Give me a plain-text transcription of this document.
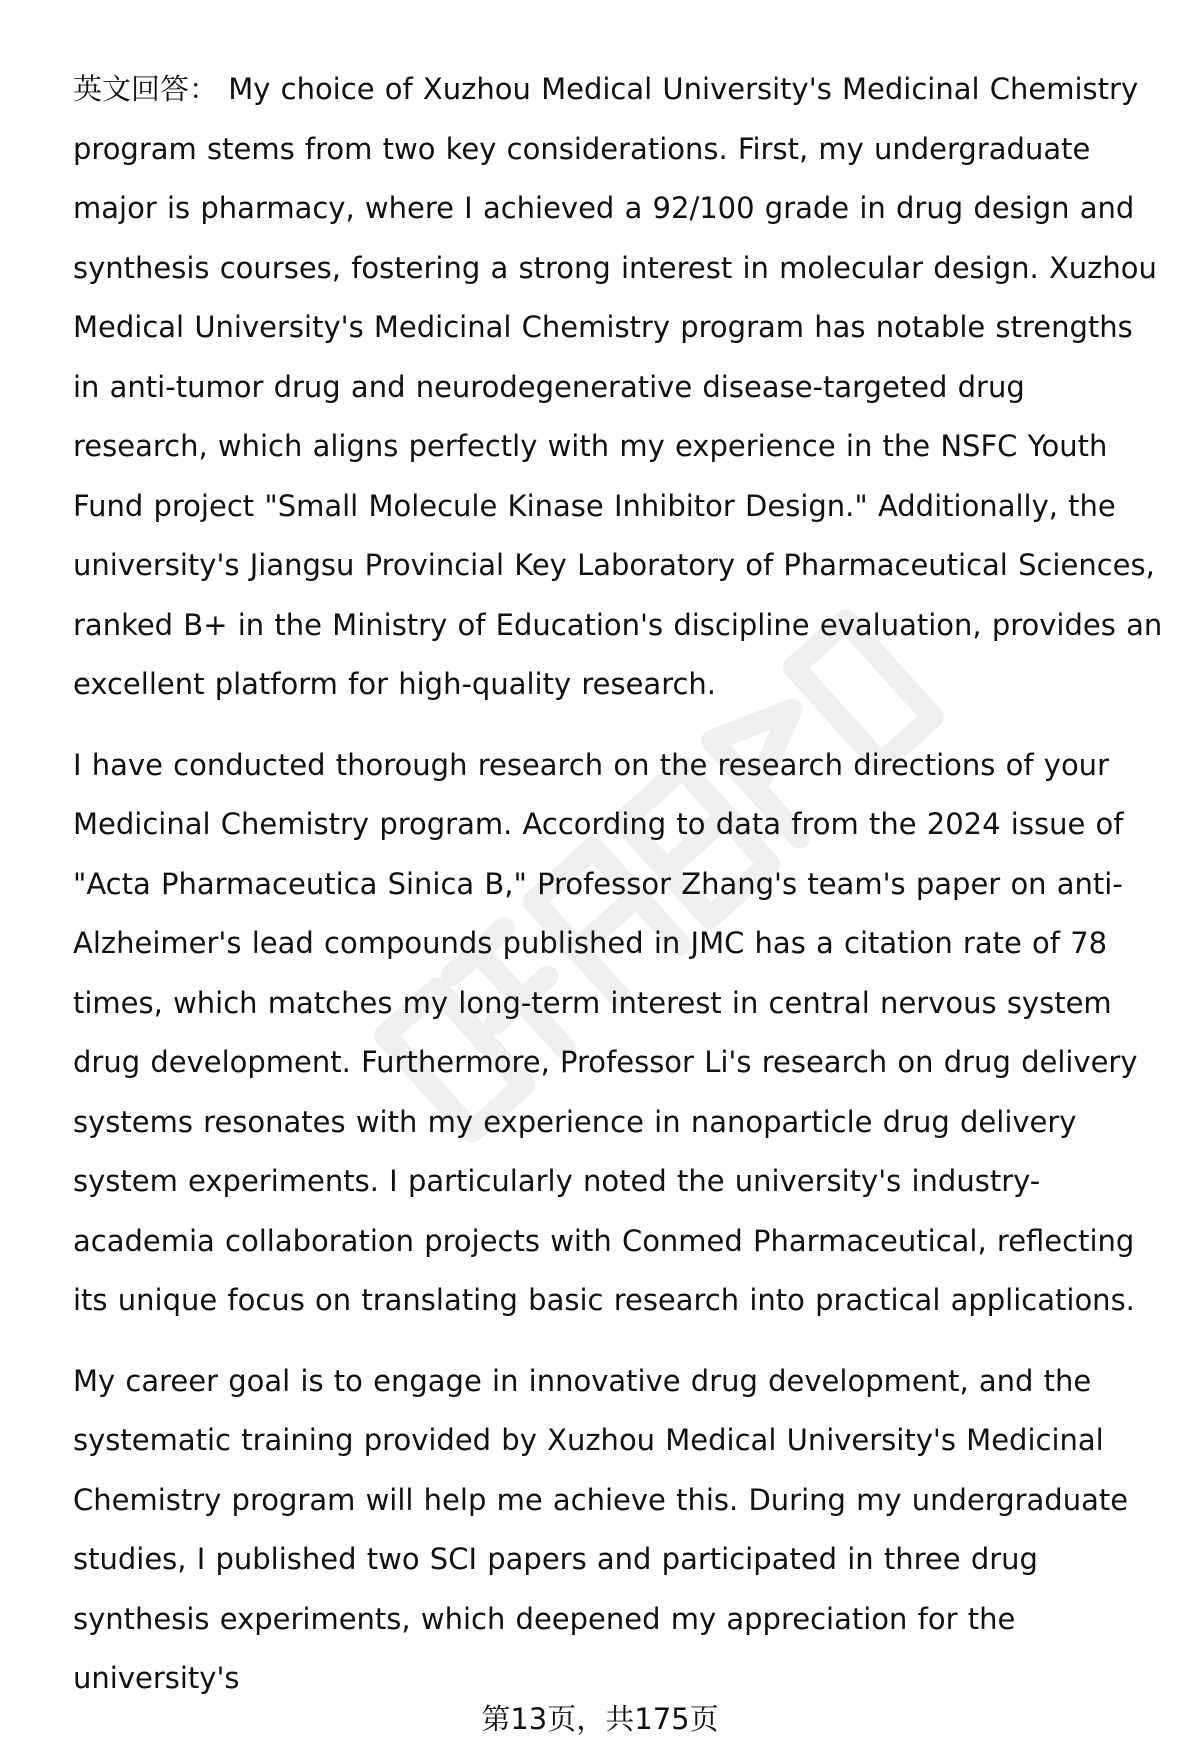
英文回答： My choice of Xuzhou Medical University's Medicinal Chemistry program stems from two key considerations. First, my undergraduate major is pharmacy, where I achieved a 92/100 grade in drug design and synthesis courses, fostering a strong interest in molecular design. Xuzhou Medical University's Medicinal Chemistry program has notable strengths in anti-tumor drug and neurodegenerative disease-targeted drug research, which aligns perfectly with my experience in the NSFC Youth Fund project "Small Molecule Kinase Inhibitor Design." Additionally, the university's Jiangsu Provincial Key Laboratory of Pharmaceutical Sciences, ranked B+ in the Ministry of Education's discipline evaluation, provides an excellent platform for high-quality research.

I have conducted thorough research on the research directions of your Medicinal Chemistry program. According to data from the 2024 issue of "Acta Pharmaceutica Sinica B," Professor Zhang's team's paper on anti-Alzheimer's lead compounds published in JMC has a citation rate of 78 times, which matches my long-term interest in central nervous system drug development. Furthermore, Professor Li's research on drug delivery systems resonates with my experience in nanoparticle drug delivery system experiments. I particularly noted the university's industry-academia collaboration projects with Conmed Pharmaceutical, reflecting its unique focus on translating basic research into practical applications.

My career goal is to engage in innovative drug development, and the systematic training provided by Xuzhou Medical University's Medicinal Chemistry program will help me achieve this. During my undergraduate studies, I published two SCI papers and participated in three drug synthesis experiments, which deepened my appreciation for the university's

第13页，共175页
